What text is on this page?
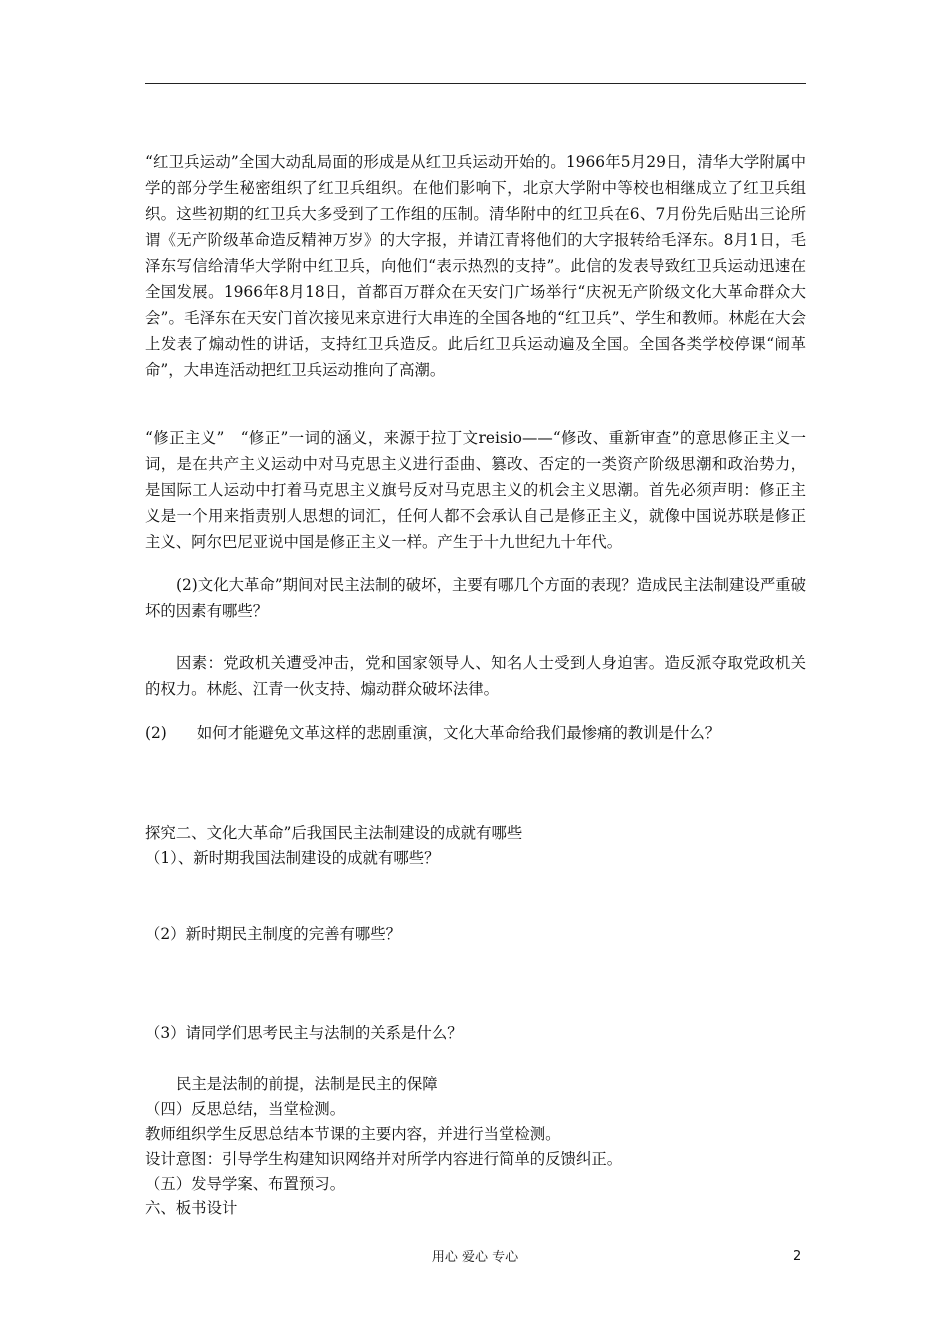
“红卫兵运动”全国大动乱局面的形成是从红卫兵运动开始的。1966年5月29日，清华大学附属中学的部分学生秘密组织了红卫兵组织。在他们影响下，北京大学附中等校也相继成立了红卫兵组织。这些初期的红卫兵大多受到了工作组的压制。清华附中的红卫兵在6、7月份先后贴出三论所谓《无产阶级革命造反精神万岁》的大字报，并请江青将他们的大字报转给毛泽东。8月1日，毛泽东写信给清华大学附中红卫兵，向他们“表示热烈的支持”。此信的发表导致红卫兵运动迅速在全国发展。1966年8月18日，首都百万群众在天安门广场举行“庆祝无产阶级文化大革命群众大会”。毛泽东在天安门首次接见来京进行大串连的全国各地的“红卫兵”、学生和教师。林彪在大会上发表了煽动性的讲话，支持红卫兵造反。此后红卫兵运动遍及全国。全国各类学校停课“闹革命”，大串连活动把红卫兵运动推向了高潮。

“修正主义”　“修正”一词的涵义，来源于拉丁文reisio——“修改、重新审查”的意思修正主义一词，是在共产主义运动中对马克思主义进行歪曲、篡改、否定的一类资产阶级思潮和政治势力，是国际工人运动中打着马克思主义旗号反对马克思主义的机会主义思潮。首先必须声明：修正主义是一个用来指责别人思想的词汇，任何人都不会承认自己是修正主义，就像中国说苏联是修正主义、阿尔巴尼亚说中国是修正主义一样。产生于十九世纪九十年代。

(2)文化大革命”期间对民主法制的破坏，主要有哪几个方面的表现？造成民主法制建设严重破坏的因素有哪些？

因素：党政机关遭受冲击，党和国家领导人、知名人士受到人身迫害。造反派夺取党政机关的权力。林彪、江青一伙支持、煽动群众破坏法律。

(2) 如何才能避免文革这样的悲剧重演，文化大革命给我们最惨痛的教训是什么？

探究二、文化大革命”后我国民主法制建设的成就有哪些

（1）、新时期我国法制建设的成就有哪些？

（2）新时期民主制度的完善有哪些？

（3）请同学们思考民主与法制的关系是什么？

民主是法制的前提，法制是民主的保障

（四）反思总结，当堂检测。

教师组织学生反思总结本节课的主要内容，并进行当堂检测。

设计意图：引导学生构建知识网络并对所学内容进行简单的反馈纠正。

（五）发导学案、布置预习。

六、板书设计

用心 爱心 专心	2
